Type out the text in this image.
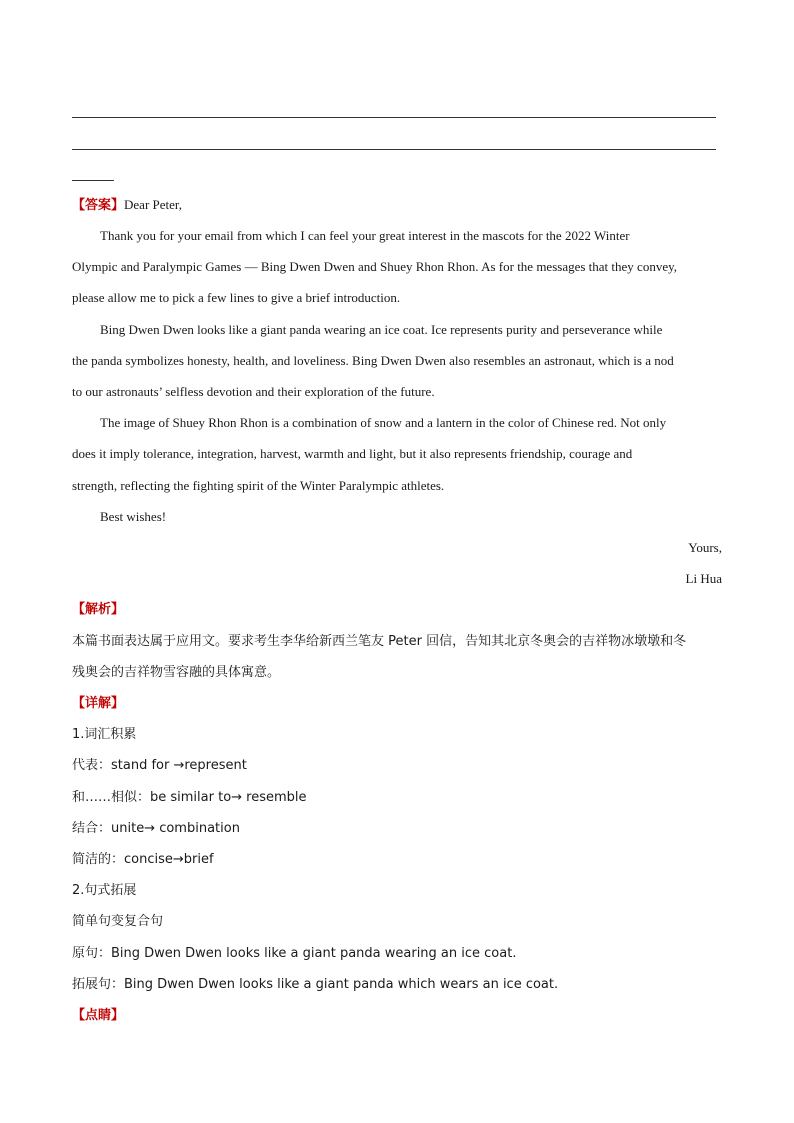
【答案】Dear Peter,
Thank you for your email from which I can feel your great interest in the mascots for the 2022 Winter
Olympic and Paralympic Games — Bing Dwen Dwen and Shuey Rhon Rhon. As for the messages that they convey,
please allow me to pick a few lines to give a brief introduction.
Bing Dwen Dwen looks like a giant panda wearing an ice coat. Ice represents purity and perseverance while
the panda symbolizes honesty, health, and loveliness. Bing Dwen Dwen also resembles an astronaut, which is a nod
to our astronauts’ selfless devotion and their exploration of the future.
The image of Shuey Rhon Rhon is a combination of snow and a lantern in the color of Chinese red. Not only
does it imply tolerance, integration, harvest, warmth and light, but it also represents friendship, courage and
strength, reflecting the fighting spirit of the Winter Paralympic athletes.
Best wishes!
Yours,
Li Hua
【解析】
本篇书面表达属于应用文。要求考生李华给新西兰笔友 Peter 回信，告知其北京冬奥会的吉祥物冰墩墩和冬
残奥会的吉祥物雪容融的具体寓意。
【详解】
1.词汇积累
代表：stand for →represent
和……相似：be similar to→ resemble
结合：unite→ combination
简洁的：concise→brief
2.句式拓展
简单句变复合句
原句：Bing Dwen Dwen looks like a giant panda wearing an ice coat.
拓展句：Bing Dwen Dwen looks like a giant panda which wears an ice coat.
【点睛】
